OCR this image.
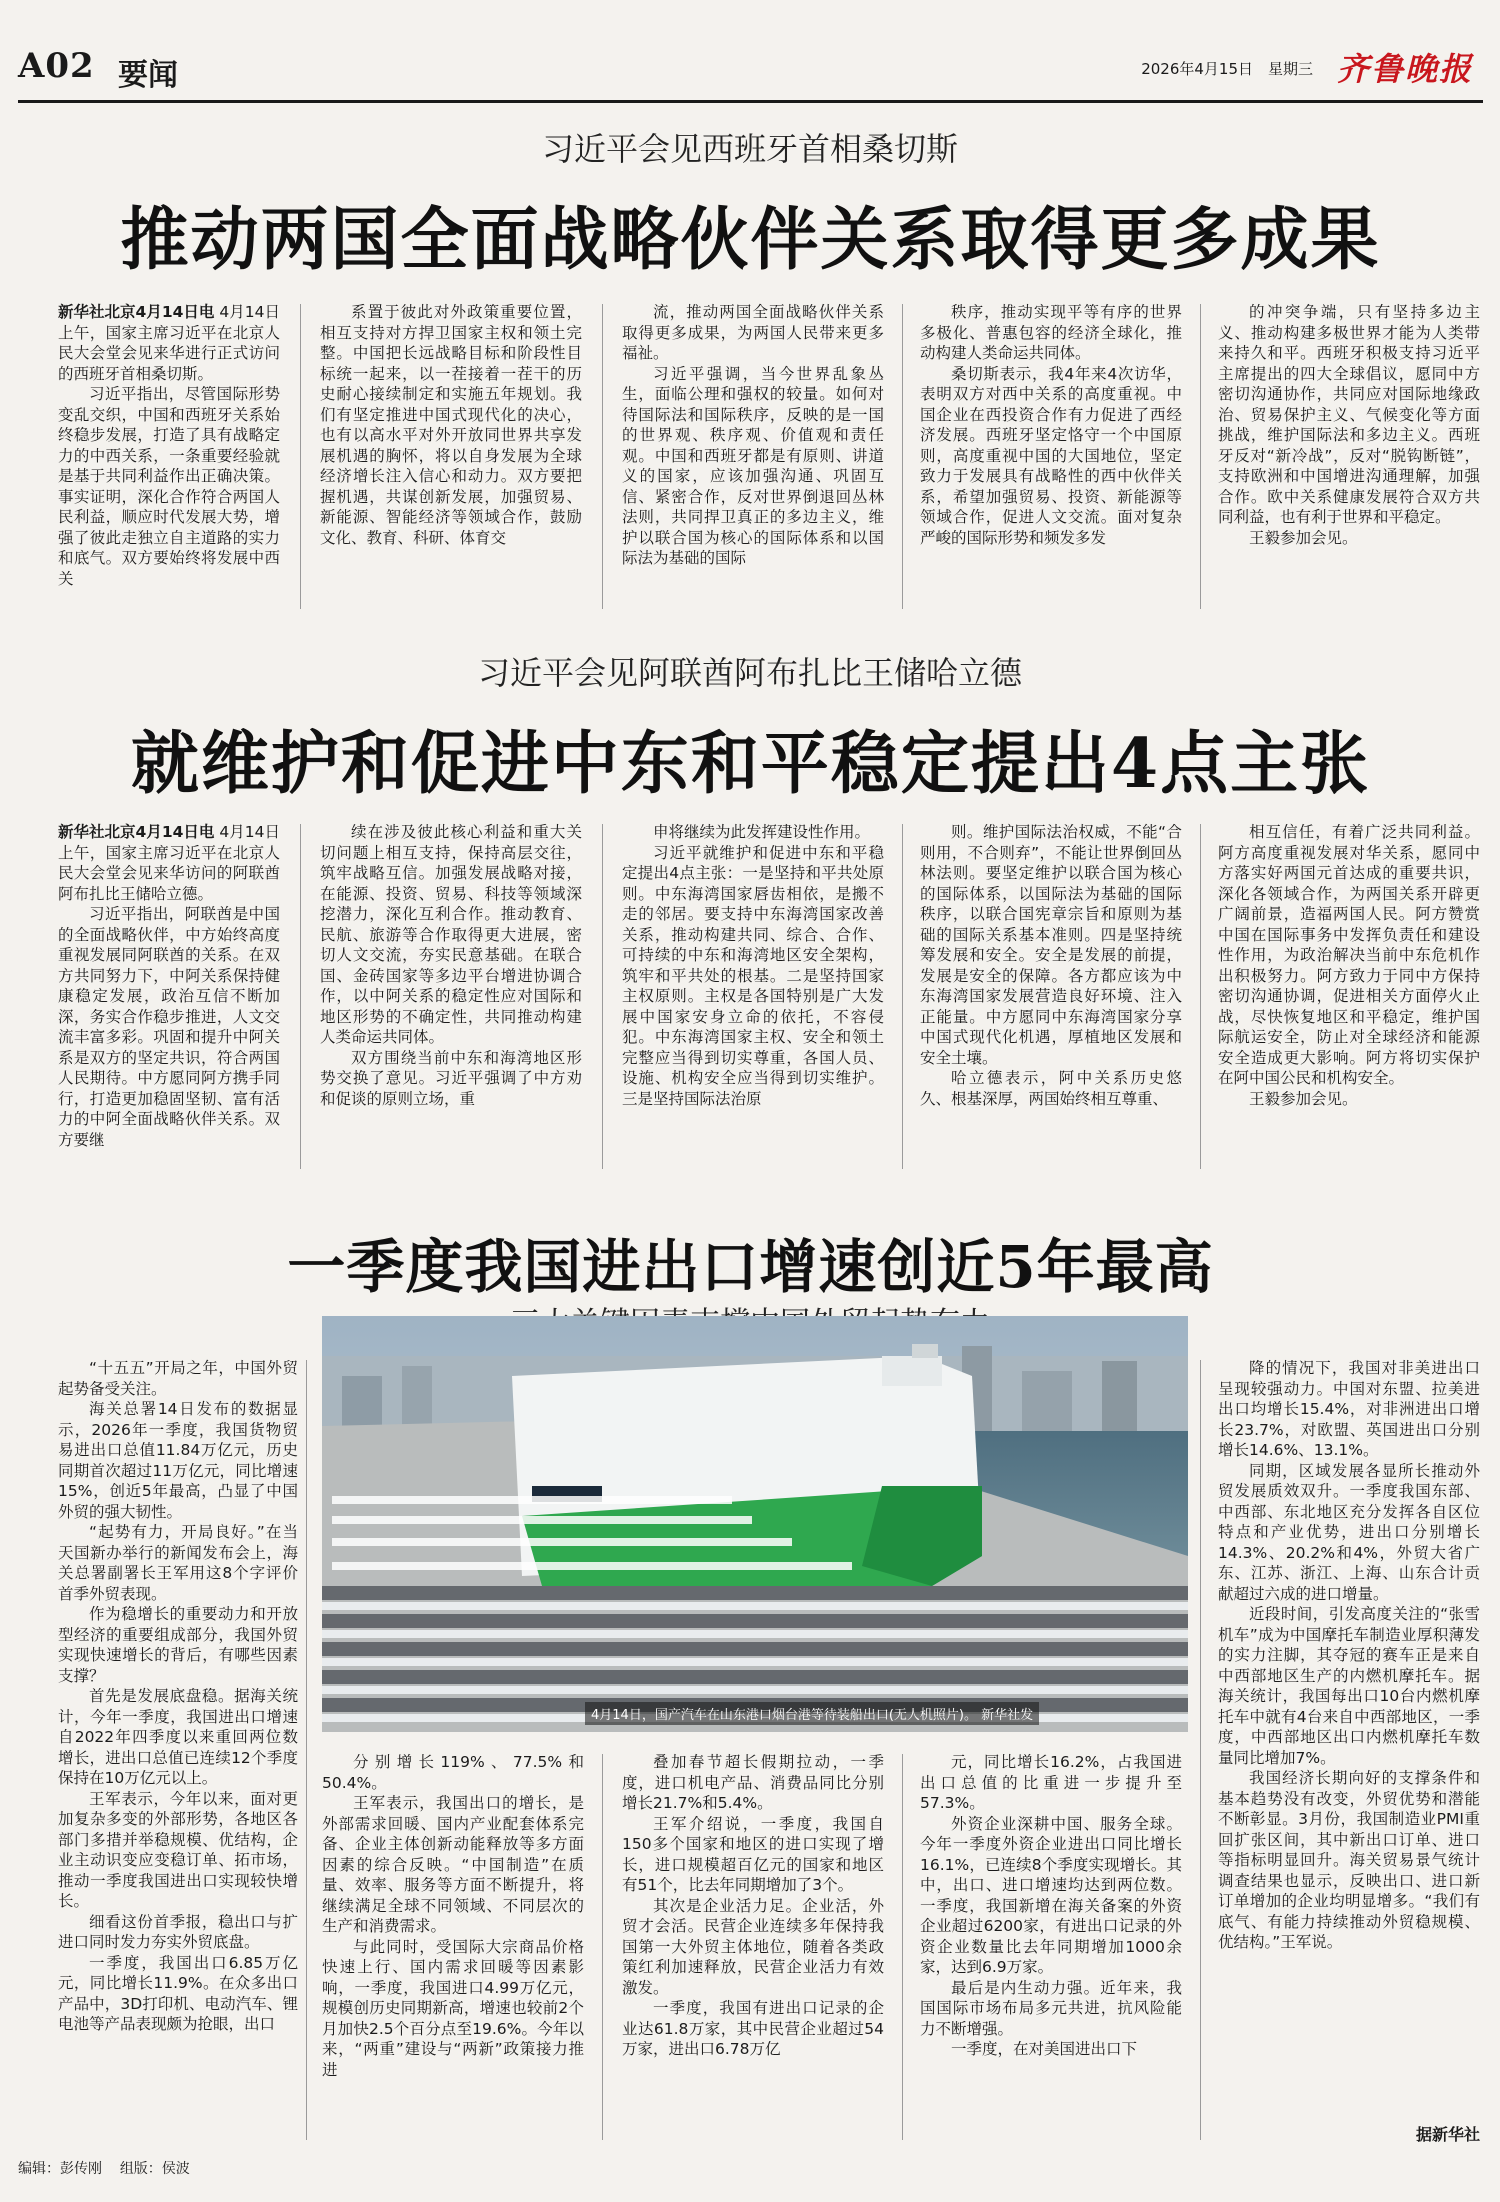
A02 要闻	2026年4月15日 星期三 齐鲁晚报
习近平会见西班牙首相桑切斯
推动两国全面战略伙伴关系取得更多成果

新华社北京4月14日电 4月14日上午，国家主席习近平在北京人民大会堂会见来华进行正式访问的西班牙首相桑切斯。

习近平指出，尽管国际形势变乱交织，中国和西班牙关系始终稳步发展，打造了具有战略定力的中西关系，一条重要经验就是基于共同利益作出正确决策。事实证明，深化合作符合两国人民利益，顺应时代发展大势，增强了彼此走独立自主道路的实力和底气。双方要始终将发展中西关

系置于彼此对外政策重要位置，相互支持对方捍卫国家主权和领土完整。中国把长远战略目标和阶段性目标统一起来，以一茬接着一茬干的历史耐心接续制定和实施五年规划。我们有坚定推进中国式现代化的决心，也有以高水平对外开放同世界共享发展机遇的胸怀，将以自身发展为全球经济增长注入信心和动力。双方要把握机遇，共谋创新发展，加强贸易、新能源、智能经济等领域合作，鼓励文化、教育、科研、体育交

流，推动两国全面战略伙伴关系取得更多成果，为两国人民带来更多福祉。

习近平强调，当今世界乱象丛生，面临公理和强权的较量。如何对待国际法和国际秩序，反映的是一国的世界观、秩序观、价值观和责任观。中国和西班牙都是有原则、讲道义的国家，应该加强沟通、巩固互信、紧密合作，反对世界倒退回丛林法则，共同捍卫真正的多边主义，维护以联合国为核心的国际体系和以国际法为基础的国际

秩序，推动实现平等有序的世界多极化、普惠包容的经济全球化，推动构建人类命运共同体。

桑切斯表示，我4年来4次访华，表明双方对西中关系的高度重视。中国企业在西投资合作有力促进了西经济发展。西班牙坚定恪守一个中国原则，高度重视中国的大国地位，坚定致力于发展具有战略性的西中伙伴关系，希望加强贸易、投资、新能源等领域合作，促进人文交流。面对复杂严峻的国际形势和频发多发

的冲突争端，只有坚持多边主义、推动构建多极世界才能为人类带来持久和平。西班牙积极支持习近平主席提出的四大全球倡议，愿同中方密切沟通协作，共同应对国际地缘政治、贸易保护主义、气候变化等方面挑战，维护国际法和多边主义。西班牙反对“新冷战”，反对“脱钩断链”，支持欧洲和中国增进沟通理解，加强合作。欧中关系健康发展符合双方共同利益，也有利于世界和平稳定。

王毅参加会见。

习近平会见阿联酋阿布扎比王储哈立德
就维护和促进中东和平稳定提出4点主张

新华社北京4月14日电 4月14日上午，国家主席习近平在北京人民大会堂会见来华访问的阿联酋阿布扎比王储哈立德。

习近平指出，阿联酋是中国的全面战略伙伴，中方始终高度重视发展同阿联酋的关系。在双方共同努力下，中阿关系保持健康稳定发展，政治互信不断加深，务实合作稳步推进，人文交流丰富多彩。巩固和提升中阿关系是双方的坚定共识，符合两国人民期待。中方愿同阿方携手同行，打造更加稳固坚韧、富有活力的中阿全面战略伙伴关系。双方要继

续在涉及彼此核心利益和重大关切问题上相互支持，保持高层交往，筑牢战略互信。加强发展战略对接，在能源、投资、贸易、科技等领域深挖潜力，深化互利合作。推动教育、民航、旅游等合作取得更大进展，密切人文交流，夯实民意基础。在联合国、金砖国家等多边平台增进协调合作，以中阿关系的稳定性应对国际和地区形势的不确定性，共同推动构建人类命运共同体。

双方围绕当前中东和海湾地区形势交换了意见。习近平强调了中方劝和促谈的原则立场，重

申将继续为此发挥建设性作用。

习近平就维护和促进中东和平稳定提出4点主张：一是坚持和平共处原则。中东海湾国家唇齿相依，是搬不走的邻居。要支持中东海湾国家改善关系，推动构建共同、综合、合作、可持续的中东和海湾地区安全架构，筑牢和平共处的根基。二是坚持国家主权原则。主权是各国特别是广大发展中国家安身立命的依托，不容侵犯。中东海湾国家主权、安全和领土完整应当得到切实尊重，各国人员、设施、机构安全应当得到切实维护。三是坚持国际法治原

则。维护国际法治权威，不能“合则用，不合则弃”，不能让世界倒回丛林法则。要坚定维护以联合国为核心的国际体系，以国际法为基础的国际秩序，以联合国宪章宗旨和原则为基础的国际关系基本准则。四是坚持统筹发展和安全。安全是发展的前提，发展是安全的保障。各方都应该为中东海湾国家发展营造良好环境、注入正能量。中方愿同中东海湾国家分享中国式现代化机遇，厚植地区发展和安全土壤。

哈立德表示，阿中关系历史悠久、根基深厚，两国始终相互尊重、

相互信任，有着广泛共同利益。阿方高度重视发展对华关系，愿同中方落实好两国元首达成的重要共识，深化各领域合作，为两国关系开辟更广阔前景，造福两国人民。阿方赞赏中国在国际事务中发挥负责任和建设性作用，为政治解决当前中东危机作出积极努力。阿方致力于同中方保持密切沟通协调，促进相关方面停火止战，尽快恢复地区和平稳定，维护国际航运安全，防止对全球经济和能源安全造成更大影响。阿方将切实保护在阿中国公民和机构安全。

王毅参加会见。

一季度我国进出口增速创近5年最高
4月14日，国产汽车在山东港口烟台港等待装船出口(无人机照片)。 新华社发

“十五五”开局之年，中国外贸起势备受关注。

海关总署14日发布的数据显示，2026年一季度，我国货物贸易进出口总值11.84万亿元，历史同期首次超过11万亿元，同比增速15%，创近5年最高，凸显了中国外贸的强大韧性。

“起势有力，开局良好。”在当天国新办举行的新闻发布会上，海关总署副署长王军用这8个字评价首季外贸表现。

作为稳增长的重要动力和开放型经济的重要组成部分，我国外贸实现快速增长的背后，有哪些因素支撑？

首先是发展底盘稳。据海关统计，今年一季度，我国进出口增速自2022年四季度以来重回两位数增长，进出口总值已连续12个季度保持在10万亿元以上。

王军表示，今年以来，面对更加复杂多变的外部形势，各地区各部门多措并举稳规模、优结构，企业主动识变应变稳订单、拓市场，推动一季度我国进出口实现较快增长。

细看这份首季报，稳出口与扩进口同时发力夯实外贸底盘。

一季度，我国出口6.85万亿元，同比增长11.9%。在众多出口产品中，3D打印机、电动汽车、锂电池等产品表现颇为抢眼，出口

分别增长119%、77.5%和50.4%。

王军表示，我国出口的增长，是外部需求回暖、国内产业配套体系完备、企业主体创新动能释放等多方面因素的综合反映。“中国制造”在质量、效率、服务等方面不断提升，将继续满足全球不同领域、不同层次的生产和消费需求。

与此同时，受国际大宗商品价格快速上行、国内需求回暖等因素影响，一季度，我国进口4.99万亿元，规模创历史同期新高，增速也较前2个月加快2.5个百分点至19.6%。今年以来，“两重”建设与“两新”政策接力推进

叠加春节超长假期拉动，一季度，进口机电产品、消费品同比分别增长21.7%和5.4%。

王军介绍说，一季度，我国自150多个国家和地区的进口实现了增长，进口规模超百亿元的国家和地区有51个，比去年同期增加了3个。

其次是企业活力足。企业活，外贸才会活。民营企业连续多年保持我国第一大外贸主体地位，随着各类政策红利加速释放，民营企业活力有效激发。

一季度，我国有进出口记录的企业达61.8万家，其中民营企业超过54万家，进出口6.78万亿

元，同比增长16.2%，占我国进出口总值的比重进一步提升至57.3%。

外资企业深耕中国、服务全球。今年一季度外资企业进出口同比增长16.1%，已连续8个季度实现增长。其中，出口、进口增速均达到两位数。一季度，我国新增在海关备案的外资企业超过6200家，有进出口记录的外资企业数量比去年同期增加1000余家，达到6.9万家。

最后是内生动力强。近年来，我国国际市场布局多元共进，抗风险能力不断增强。

一季度，在对美国进出口下

降的情况下，我国对非美进出口呈现较强动力。中国对东盟、拉美进出口均增长15.4%，对非洲进出口增长23.7%，对欧盟、英国进出口分别增长14.6%、13.1%。

同期，区域发展各显所长推动外贸发展质效双升。一季度我国东部、中西部、东北地区充分发挥各自区位特点和产业优势，进出口分别增长14.3%、20.2%和4%，外贸大省广东、江苏、浙江、上海、山东合计贡献超过六成的进口增量。

近段时间，引发高度关注的“张雪机车”成为中国摩托车制造业厚积薄发的实力注脚，其夺冠的赛车正是来自中西部地区生产的内燃机摩托车。据海关统计，我国每出口10台内燃机摩托车中就有4台来自中西部地区，一季度，中西部地区出口内燃机摩托车数量同比增加7%。

我国经济长期向好的支撑条件和基本趋势没有改变，外贸优势和潜能不断彰显。3月份，我国制造业PMI重回扩张区间，其中新出口订单、进口等指标明显回升。海关贸易景气统计调查结果也显示，反映出口、进口新订单增加的企业均明显增多。“我们有底气、有能力持续推动外贸稳规模、优结构。”王军说。

据新华社
编辑：彭传刚 组版：侯波
